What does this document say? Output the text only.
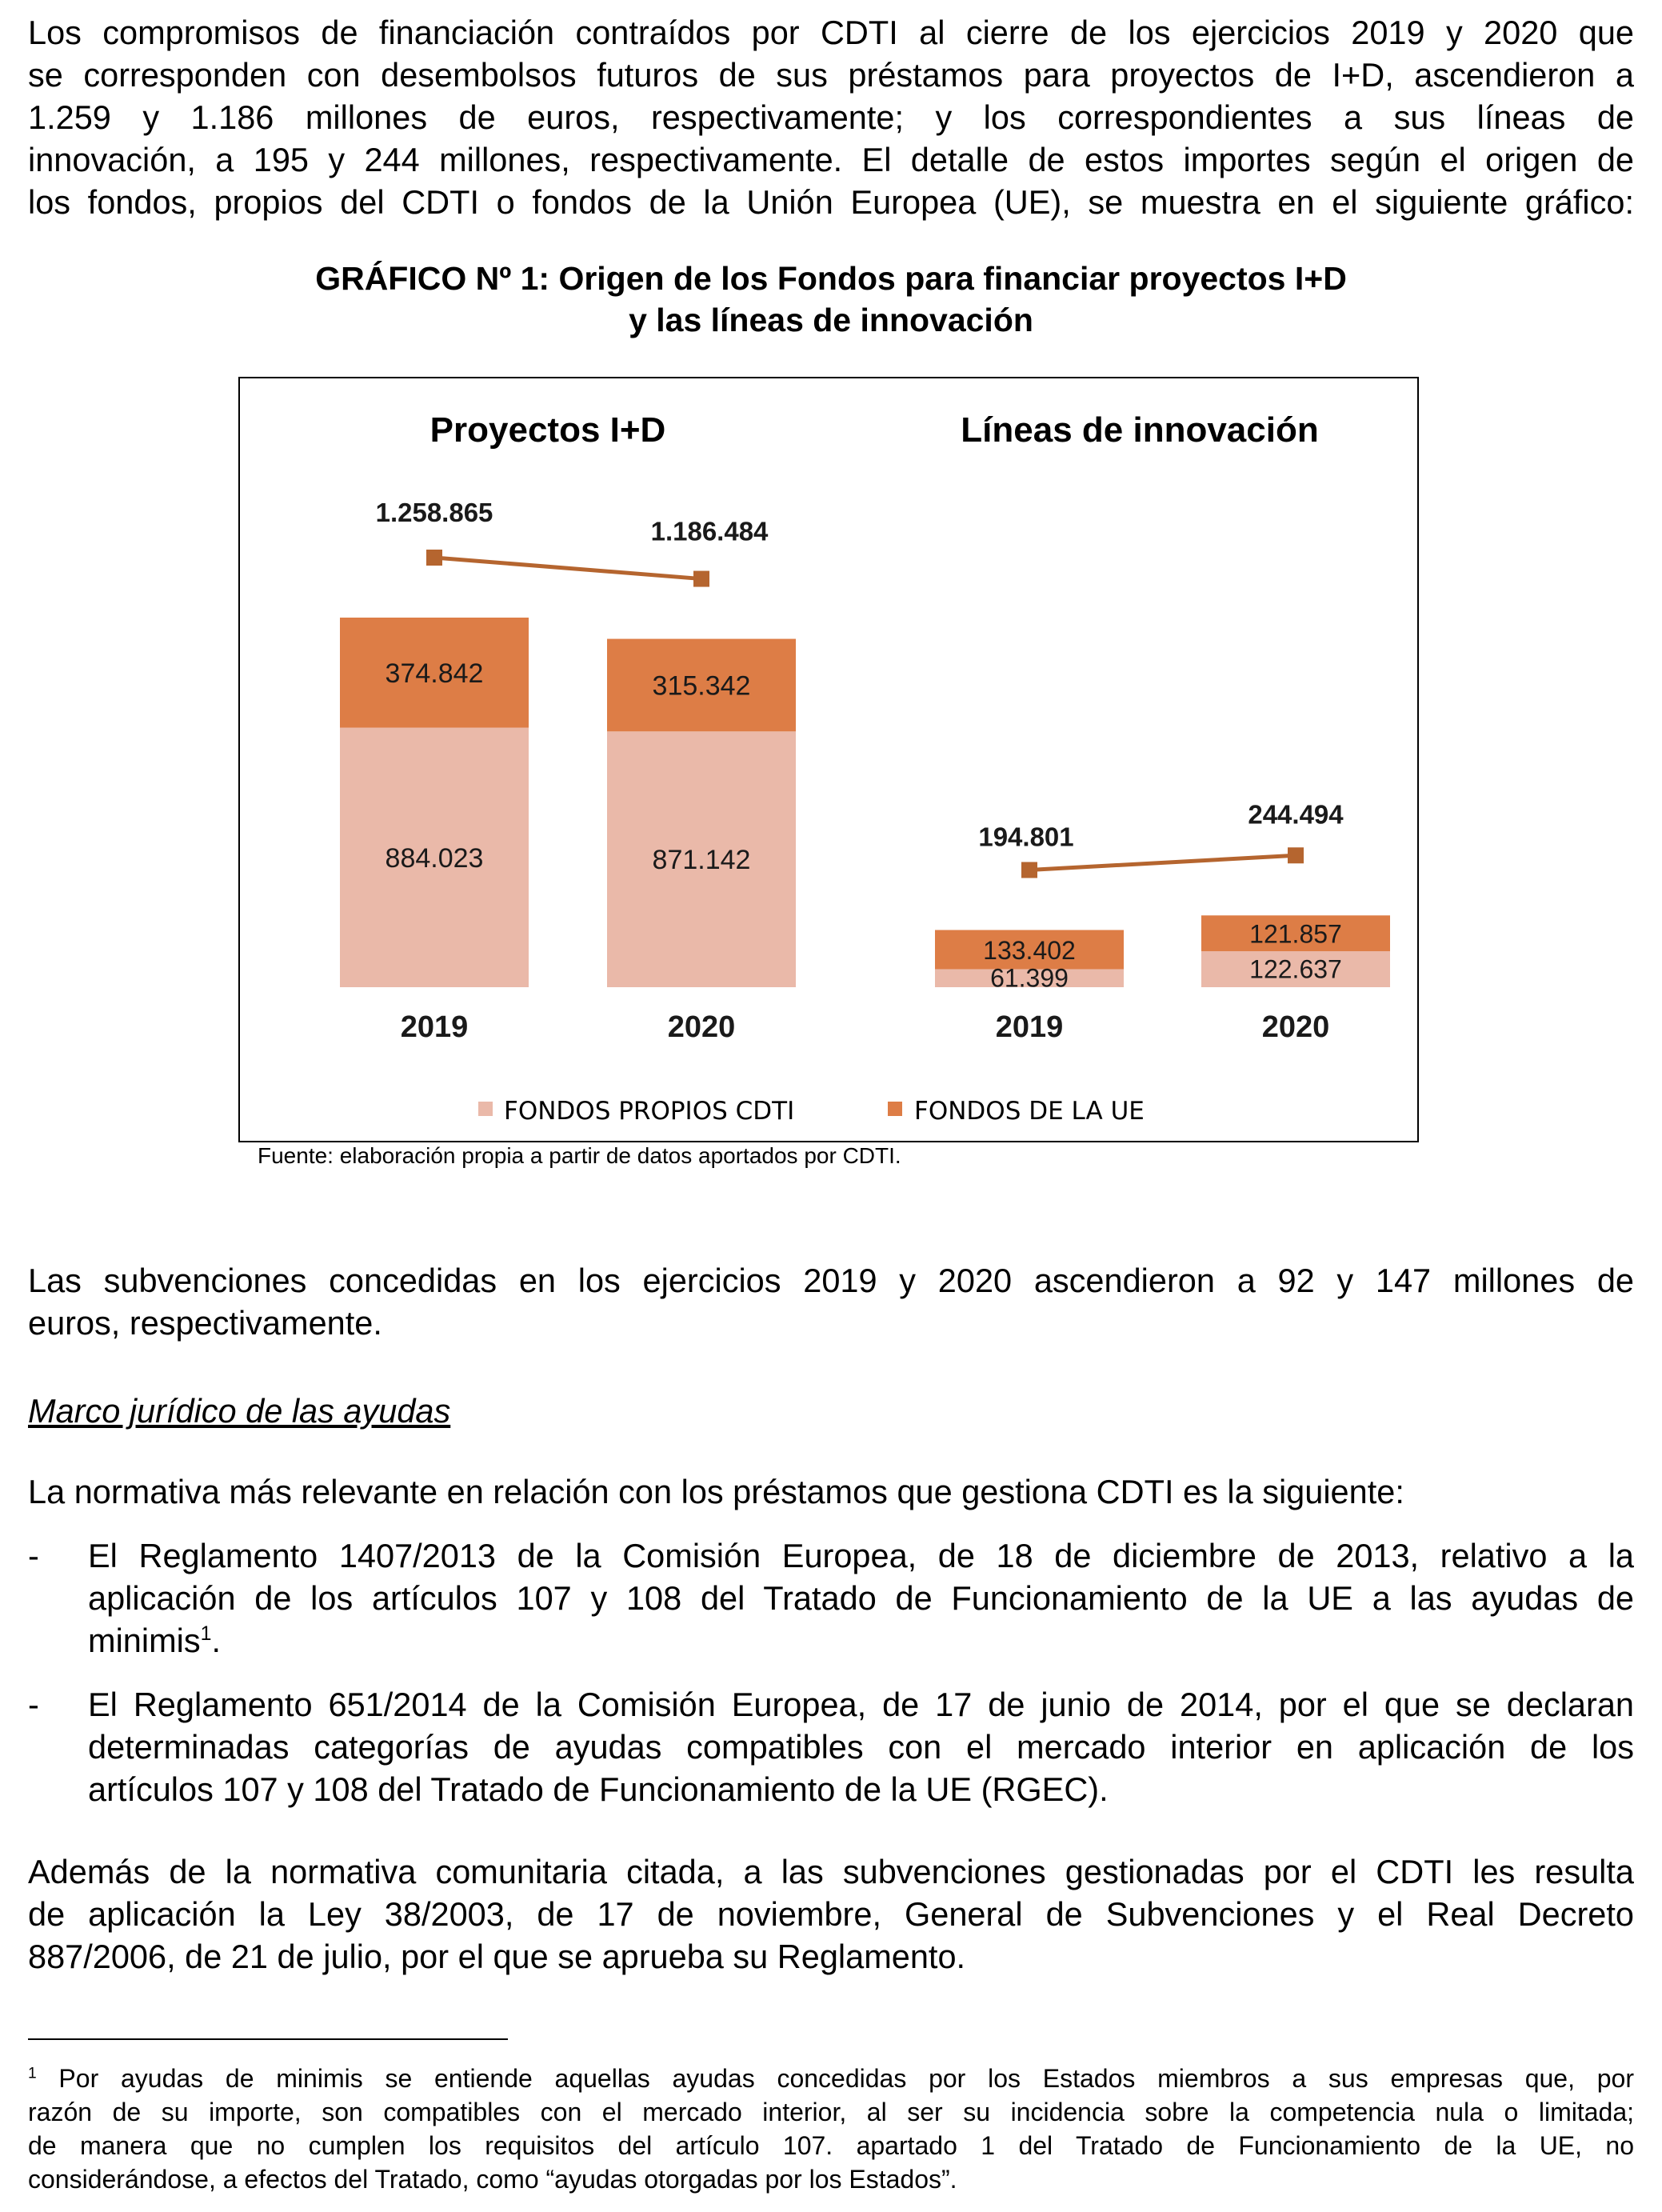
Los compromisos de financiación contraídos por CDTI al cierre de los ejercicios 2019 y 2020 que
se corresponden con desembolsos futuros de sus préstamos para proyectos de I+D, ascendieron a
1.259 y 1.186 millones de euros, respectivamente; y los correspondientes a sus líneas de
innovación, a 195 y 244 millones, respectivamente. El detalle de estos importes según el origen de
los fondos, propios del CDTI o fondos de la Unión Europea (UE), se muestra en el siguiente gráfico:
GRÁFICO Nº 1: Origen de los Fondos para financiar proyectos I+D
y las líneas de innovación
Proyectos I+D	Líneas de innovación
884.023
374.842
2019
871.142
315.342
2020
1.258.865
1.186.484
61.399
133.402
2019
122.637
121.857
2020
194.801
244.494
FONDOS PROPIOS CDTI	FONDOS DE LA UE
Fuente: elaboración propia a partir de datos aportados por CDTI.
Las subvenciones concedidas en los ejercicios 2019 y 2020 ascendieron a 92 y 147 millones de
euros, respectivamente.
Marco jurídico de las ayudas
La normativa más relevante en relación con los préstamos que gestiona CDTI es la siguiente:
- El Reglamento 1407/2013 de la Comisión Europea, de 18 de diciembre de 2013, relativo a la
aplicación de los artículos 107 y 108 del Tratado de Funcionamiento de la UE a las ayudas de
minimis$^1$.
- El Reglamento 651/2014 de la Comisión Europea, de 17 de junio de 2014, por el que se declaran
determinadas categorías de ayudas compatibles con el mercado interior en aplicación de los
artículos 107 y 108 del Tratado de Funcionamiento de la UE (RGEC).
Además de la normativa comunitaria citada, a las subvenciones gestionadas por el CDTI les resulta
de aplicación la Ley 38/2003, de 17 de noviembre, General de Subvenciones y el Real Decreto
887/2006, de 21 de julio, por el que se aprueba su Reglamento.
$^1$ Por ayudas de minimis se entiende aquellas ayudas concedidas por los Estados miembros a sus empresas que, por
razón de su importe, son compatibles con el mercado interior, al ser su incidencia sobre la competencia nula o limitada;
de manera que no cumplen los requisitos del artículo 107. apartado 1 del Tratado de Funcionamiento de la UE, no
considerándose, a efectos del Tratado, como “ayudas otorgadas por los Estados”.
